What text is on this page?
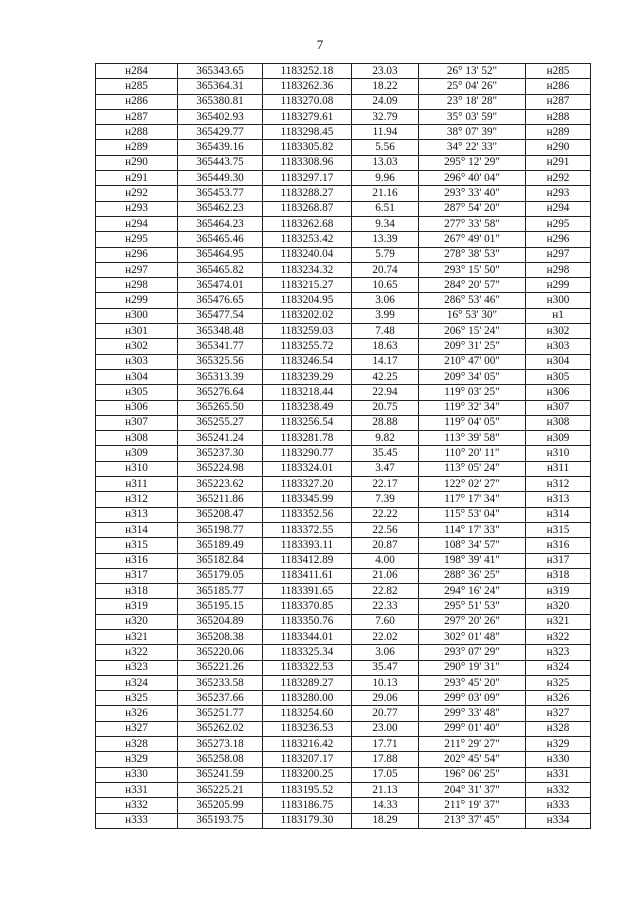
7
н284	365343.65	1183252.18	23.03	26° 13' 52"	н285
н285	365364.31	1183262.36	18.22	25° 04' 26"	н286
н286	365380.81	1183270.08	24.09	23° 18' 28"	н287
н287	365402.93	1183279.61	32.79	35° 03' 59"	н288
н288	365429.77	1183298.45	11.94	38° 07' 39"	н289
н289	365439.16	1183305.82	5.56	34° 22' 33"	н290
н290	365443.75	1183308.96	13.03	295° 12' 29"	н291
н291	365449.30	1183297.17	9.96	296° 40' 04"	н292
н292	365453.77	1183288.27	21.16	293° 33' 40"	н293
н293	365462.23	1183268.87	6.51	287° 54' 20"	н294
н294	365464.23	1183262.68	9.34	277° 33' 58"	н295
н295	365465.46	1183253.42	13.39	267° 49' 01"	н296
н296	365464.95	1183240.04	5.79	278° 38' 53"	н297
н297	365465.82	1183234.32	20.74	293° 15' 50"	н298
н298	365474.01	1183215.27	10.65	284° 20' 57"	н299
н299	365476.65	1183204.95	3.06	286° 53' 46"	н300
н300	365477.54	1183202.02	3.99	16° 53' 30"	н1
н301	365348.48	1183259.03	7.48	206° 15' 24"	н302
н302	365341.77	1183255.72	18.63	209° 31' 25"	н303
н303	365325.56	1183246.54	14.17	210° 47' 00"	н304
н304	365313.39	1183239.29	42.25	209° 34' 05"	н305
н305	365276.64	1183218.44	22.94	119° 03' 25"	н306
н306	365265.50	1183238.49	20.75	119° 32' 34"	н307
н307	365255.27	1183256.54	28.88	119° 04' 05"	н308
н308	365241.24	1183281.78	9.82	113° 39' 58"	н309
н309	365237.30	1183290.77	35.45	110° 20' 11"	н310
н310	365224.98	1183324.01	3.47	113° 05' 24"	н311
н311	365223.62	1183327.20	22.17	122° 02' 27"	н312
н312	365211.86	1183345.99	7.39	117° 17' 34"	н313
н313	365208.47	1183352.56	22.22	115° 53' 04"	н314
н314	365198.77	1183372.55	22.56	114° 17' 33"	н315
н315	365189.49	1183393.11	20.87	108° 34' 57"	н316
н316	365182.84	1183412.89	4.00	198° 39' 41"	н317
н317	365179.05	1183411.61	21.06	288° 36' 25"	н318
н318	365185.77	1183391.65	22.82	294° 16' 24"	н319
н319	365195.15	1183370.85	22.33	295° 51' 53"	н320
н320	365204.89	1183350.76	7.60	297° 20' 26"	н321
н321	365208.38	1183344.01	22.02	302° 01' 48"	н322
н322	365220.06	1183325.34	3.06	293° 07' 29"	н323
н323	365221.26	1183322.53	35.47	290° 19' 31"	н324
н324	365233.58	1183289.27	10.13	293° 45' 20"	н325
н325	365237.66	1183280.00	29.06	299° 03' 09"	н326
н326	365251.77	1183254.60	20.77	299° 33' 48"	н327
н327	365262.02	1183236.53	23.00	299° 01' 40"	н328
н328	365273.18	1183216.42	17.71	211° 29' 27"	н329
н329	365258.08	1183207.17	17.88	202° 45' 54"	н330
н330	365241.59	1183200.25	17.05	196° 06' 25"	н331
н331	365225.21	1183195.52	21.13	204° 31' 37"	н332
н332	365205.99	1183186.75	14.33	211° 19' 37"	н333
н333	365193.75	1183179.30	18.29	213° 37' 45"	н334
